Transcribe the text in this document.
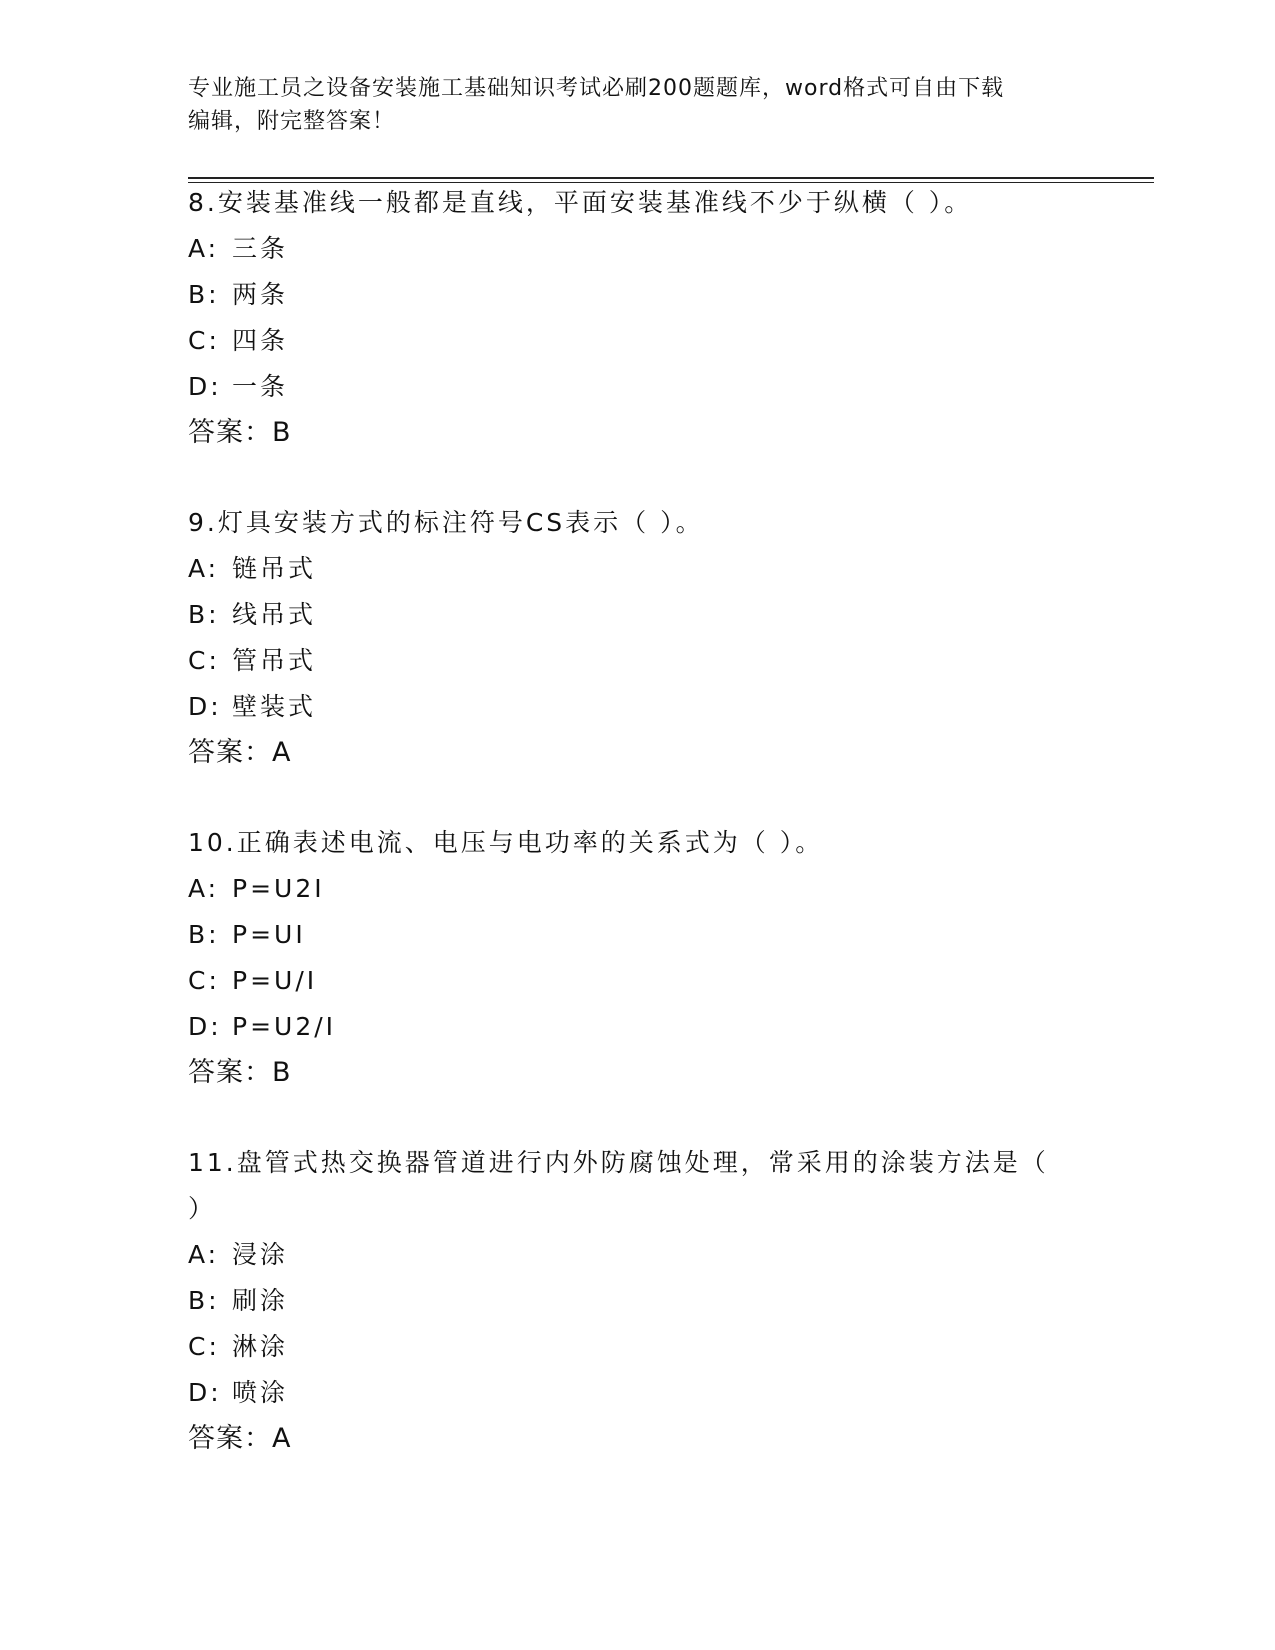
专业施工员之设备安装施工基础知识考试必刷200题题库，word格式可自由下载
编辑，附完整答案！
8.安装基准线一般都是直线，平面安装基准线不少于纵横（ ）。
A: 三条
B: 两条
C: 四条
D: 一条
答案：B
9.灯具安装方式的标注符号CS表示（ ）。
A: 链吊式
B: 线吊式
C: 管吊式
D: 壁装式
答案：A
10.正确表述电流、电压与电功率的关系式为（ ）。
A: P=U2I
B: P=UI
C: P=U/I
D: P=U2/I
答案：B
11.盘管式热交换器管道进行内外防腐蚀处理，常采用的涂装方法是（
）
A: 浸涂
B: 刷涂
C: 淋涂
D: 喷涂
答案：A
